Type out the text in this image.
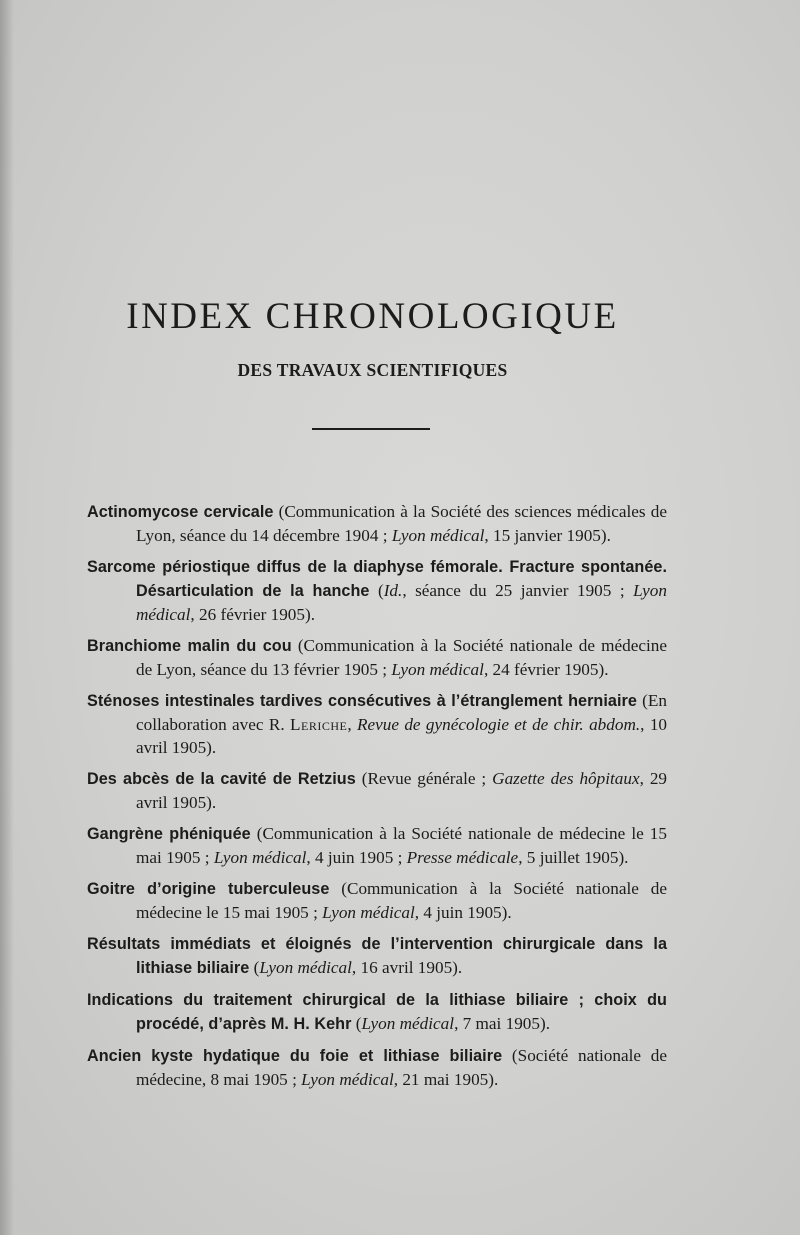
INDEX CHRONOLOGIQUE
DES TRAVAUX SCIENTIFIQUES

Actinomycose cervicale (Communication à la Société des sciences médicales de Lyon, séance du 14 décembre 1904 ; Lyon médical, 15 janvier 1905).

Sarcome périostique diffus de la diaphyse fémorale. Fracture spontanée. Désarticulation de la hanche (Id., séance du 25 janvier 1905 ; Lyon médical, 26 février 1905).

Branchiome malin du cou (Communication à la Société nationale de médecine de Lyon, séance du 13 février 1905 ; Lyon médical, 24 février 1905).

Sténoses intestinales tardives consécutives à l’étranglement herniaire (En collaboration avec R. Leriche, Revue de gynécologie et de chir. abdom., 10 avril 1905).

Des abcès de la cavité de Retzius (Revue générale ; Gazette des hôpitaux, 29 avril 1905).

Gangrène phéniquée (Communication à la Société nationale de médecine le 15 mai 1905 ; Lyon médical, 4 juin 1905 ; Presse médicale, 5 juillet 1905).

Goitre d’origine tuberculeuse (Communication à la Société nationale de médecine le 15 mai 1905 ; Lyon médical, 4 juin 1905).

Résultats immédiats et éloignés de l’intervention chirurgicale dans la lithiase biliaire (Lyon médical, 16 avril 1905).

Indications du traitement chirurgical de la lithiase biliaire ; choix du procédé, d’après M. H. Kehr (Lyon médical, 7 mai 1905).

Ancien kyste hydatique du foie et lithiase biliaire (Société nationale de médecine, 8 mai 1905 ; Lyon médical, 21 mai 1905).
